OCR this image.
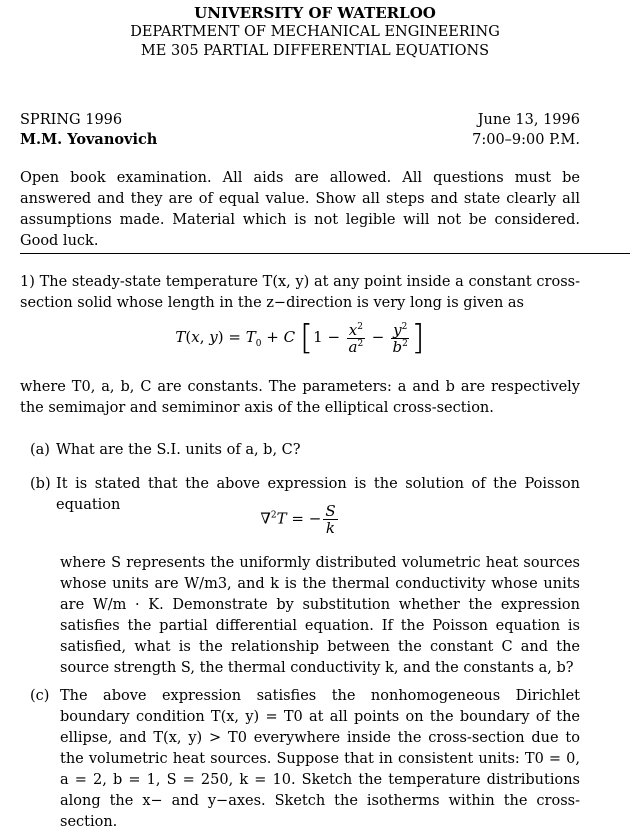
UNIVERSITY OF WATERLOO
DEPARTMENT OF MECHANICAL ENGINEERING
ME 305 PARTIAL DIFFERENTIAL EQUATIONS
SPRING 1996	June 13, 1996
M.M. Yovanovich	7:00–9:00 P.M.

Open book examination. All aids are allowed. All questions must be answered and they are of equal value. Show all steps and state clearly all assumptions made. Material which is not legible will not be considered. Good luck.

1) The steady-state temperature T(x, y) at any point inside a constant cross-section solid whose length in the z−direction is very long is given as

T(x, $y) = T_0 + C$ [$1 - \frac{x^2}{a^2} - \frac{y^2}{b^2}$ ]

where T0, a, b, C are constants. The parameters: a and b are respectively the semimajor and semiminor axis of the elliptical cross-section.

(a) What are the S.I. units of a, b, C?

(b) It is stated that the above expression is the solution of the Poisson equation

∇$^2$T = − $\frac{S}{k}$

where S represents the uniformly distributed volumetric heat sources whose units are W/m3, and k is the thermal conductivity whose units are W/m · K. Demonstrate by substitution whether the expression satisfies the partial differential equation. If the Poisson equation is satisfied, what is the relationship between the constant C and the source strength S, the thermal conductivity k, and the constants a, b?

(c) The above expression satisfies the nonhomogeneous Dirichlet boundary condition T(x, y) = T0 at all points on the boundary of the ellipse, and T(x, y) > T0 everywhere inside the cross-section due to the volumetric heat sources. Suppose that in consistent units: T0 = 0, a = 2, b = 1, S = 250, k = 10. Sketch the temperature distributions along the x− and y−axes. Sketch the isotherms within the cross-section.
